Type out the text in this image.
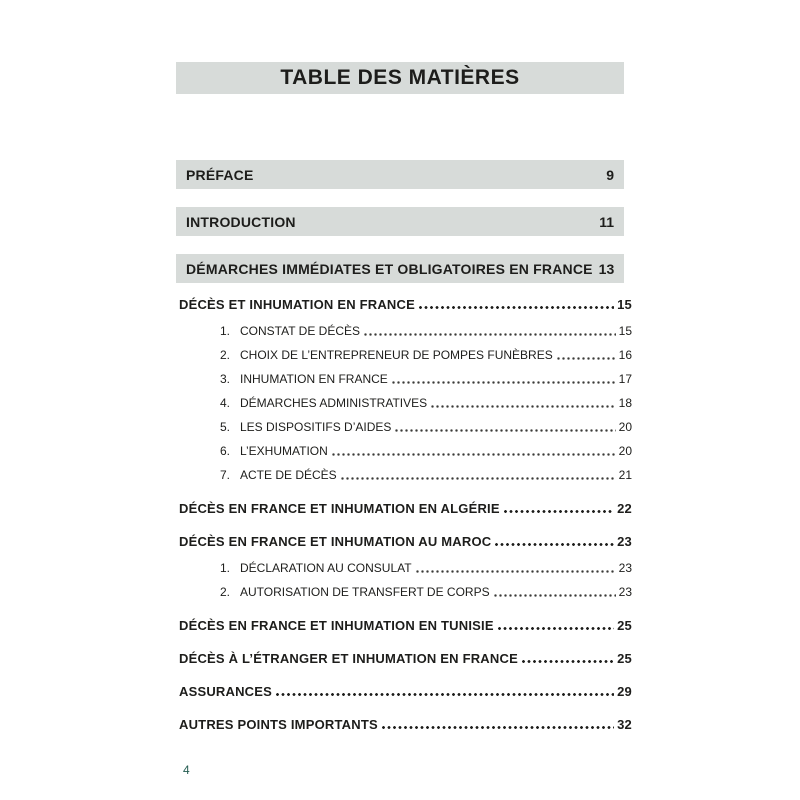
TABLE DES MATIÈRES
PRÉFACE	9
INTRODUCTION	11
DÉMARCHES IMMÉDIATES ET OBLIGATOIRES EN FRANCE 13
DÉCÈS ET INHUMATION EN FRANCE	15
1. CONSTAT DE DÉCÈS	15
2. CHOIX DE L’ENTREPRENEUR DE POMPES FUNÈBRES	16
3. INHUMATION EN FRANCE	17
4. DÉMARCHES ADMINISTRATIVES	18
5. LES DISPOSITIFS D’AIDES	20
6. L’EXHUMATION	20
7. ACTE DE DÉCÈS	21
DÉCÈS EN FRANCE ET INHUMATION EN ALGÉRIE	22
DÉCÈS EN FRANCE ET INHUMATION AU MAROC	23
1. DÉCLARATION AU CONSULAT	23
2. AUTORISATION DE TRANSFERT DE CORPS	23
DÉCÈS EN FRANCE ET INHUMATION EN TUNISIE	25
DÉCÈS À L’ÉTRANGER ET INHUMATION EN FRANCE	25
ASSURANCES	29
AUTRES POINTS IMPORTANTS	32
4
